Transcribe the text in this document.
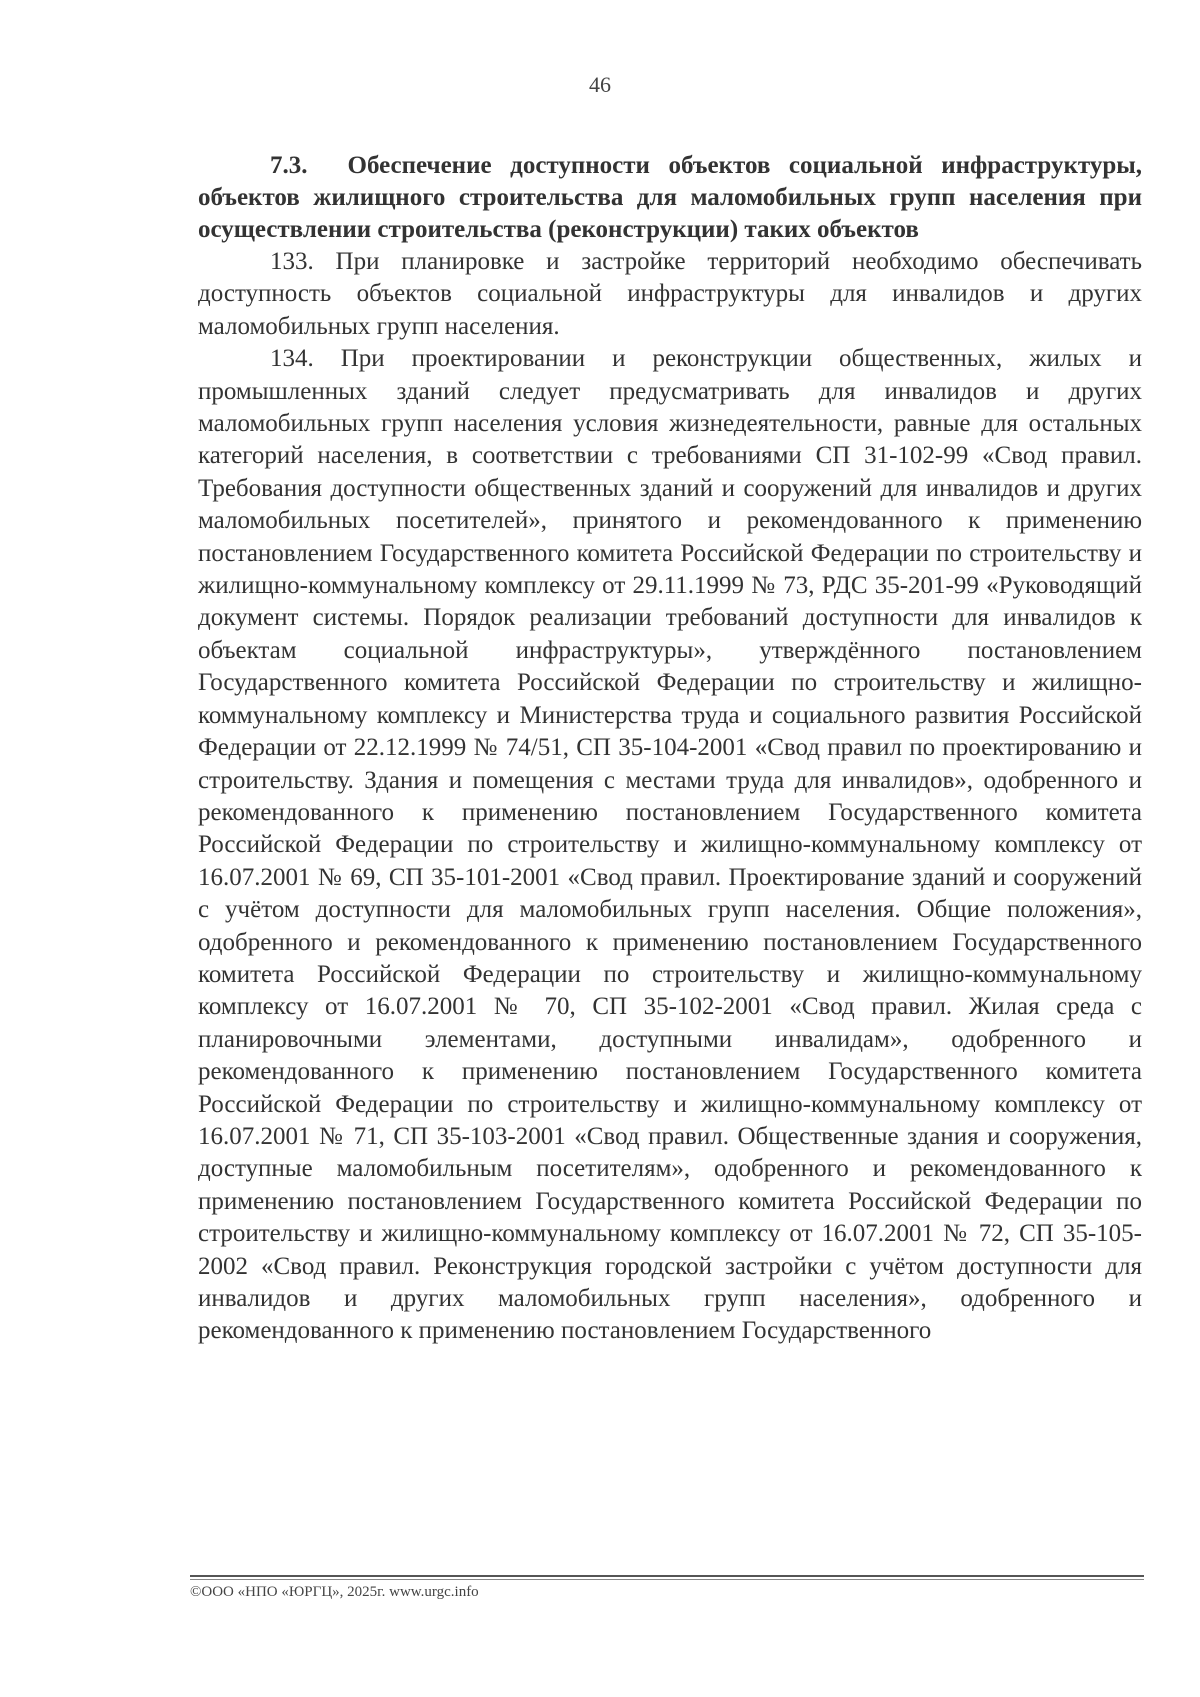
46

7.3. Обеспечение доступности объектов социальной инфраструктуры, объектов жилищного строительства для маломобильных групп населения при осуществлении строительства (реконструкции) таких объектов

133. При планировке и застройке территорий необходимо обеспечивать доступность объектов социальной инфраструктуры для инвалидов и других маломобильных групп населения.

134. При проектировании и реконструкции общественных, жилых и промышленных зданий следует предусматривать для инвалидов и других маломобильных групп населения условия жизнедеятельности, равные для остальных категорий населения, в соответствии с требованиями СП 31-102-99 «Свод правил. Требования доступности общественных зданий и сооружений для инвалидов и других маломобильных посетителей», принятого и рекомендованного к применению постановлением Государственного комитета Российской Федерации по строительству и жилищно-коммунальному комплексу от 29.11.1999 № 73, РДС 35-201-99 «Руководящий документ системы. Порядок реализации требований доступности для инвалидов к объектам социальной инфраструктуры», утверждённого постановлением Государственного комитета Российской Федерации по строительству и жилищно-коммунальному комплексу и Министерства труда и социального развития Российской Федерации от 22.12.1999 № 74/51, СП 35-104-2001 «Свод правил по проектированию и строительству. Здания и помещения с местами труда для инвалидов», одобренного и рекомендованного к применению постановлением Государственного комитета Российской Федерации по строительству и жилищно-коммунальному комплексу от 16.07.2001 № 69, СП 35-101-2001 «Свод правил. Проектирование зданий и сооружений с учётом доступности для маломобильных групп населения. Общие положения», одобренного и рекомендованного к применению постановлением Государственного комитета Российской Федерации по строительству и жилищно-коммунальному комплексу от 16.07.2001 № 70, СП 35-102-2001 «Свод правил. Жилая среда с планировочными элементами, доступными инвалидам», одобренного и рекомендованного к применению постановлением Государственного комитета Российской Федерации по строительству и жилищно-коммунальному комплексу от 16.07.2001 № 71, СП 35-103-2001 «Свод правил. Общественные здания и сооружения, доступные маломобильным посетителям», одобренного и рекомендованного к применению постановлением Государственного комитета Российской Федерации по строительству и жилищно-коммунальному комплексу от 16.07.2001 № 72, СП 35-105-2002 «Свод правил. Реконструкция городской застройки с учётом доступности для инвалидов и других маломобильных групп населения», одобренного и рекомендованного к применению постановлением Государственного

©ООО «НПО «ЮРГЦ», 2025г. www.urgc.info
